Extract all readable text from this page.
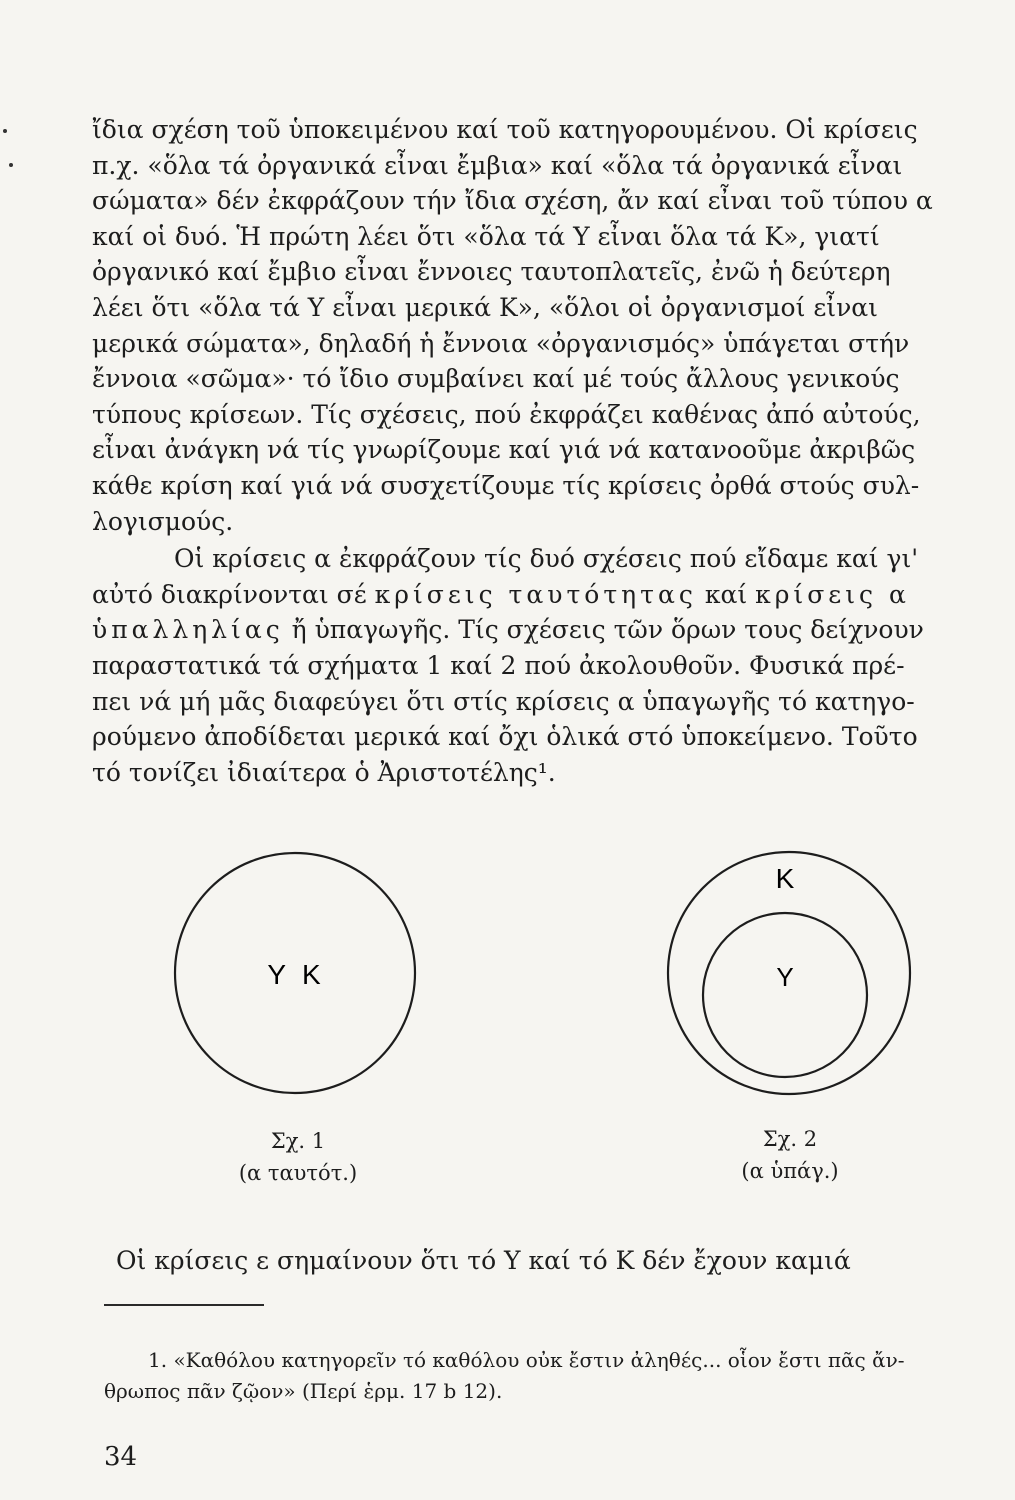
ἴδια σχέση τοῦ ὑποκειμένου καί τοῦ κατηγορουμένου. Οἱ κρίσεις
π.χ. «ὅλα τά ὀργανικά εἶναι ἔμβια» καί «ὅλα τά ὀργανικά εἶναι
σώματα» δέν ἐκφράζουν τήν ἴδια σχέση, ἄν καί εἶναι τοῦ τύπου α
καί οἱ δυό. Ἡ πρώτη λέει ὅτι «ὅλα τά Υ εἶναι ὅλα τά Κ», γιατί
ὀργανικό καί ἔμβιο εἶναι ἔννοιες ταυτοπλατεῖς, ἐνῶ ἡ δεύτερη
λέει ὅτι «ὅλα τά Υ εἶναι μερικά Κ», «ὅλοι οἱ ὀργανισμοί εἶναι
μερικά σώματα», δηλαδή ἡ ἔννοια «ὀργανισμός» ὑπάγεται στήν
ἔννοια «σῶμα»· τό ἴδιο συμβαίνει καί μέ τούς ἄλλους γενικούς
τύπους κρίσεων. Τίς σχέσεις, πού ἐκφράζει καθένας ἀπό αὐτούς,
εἶναι ἀνάγκη νά τίς γνωρίζουμε καί γιά νά κατανοοῦμε ἀκριβῶς
κάθε κρίση καί γιά νά συσχετίζουμε τίς κρίσεις ὀρθά στούς συλ-
λογισμούς.

Οἱ κρίσεις α ἐκφράζουν τίς δυό σχέσεις πού εἴδαμε καί γι'
αὐτό διακρίνονται σέ κρίσεις ταυτότητας καί κρίσεις α
ὑπαλληλίας ἤ ὑπαγωγῆς. Τίς σχέσεις τῶν ὅρων τους δείχνουν
παραστατικά τά σχήματα 1 καί 2 πού ἀκολουθοῦν. Φυσικά πρέ-
πει νά μή μᾶς διαφεύγει ὅτι στίς κρίσεις α ὑπαγωγῆς τό κατηγο-
ρούμενο ἀποδίδεται μερικά καί ὄχι ὁλικά στό ὑποκείμενο. Τοῦτο
τό τονίζει ἰδιαίτερα ὁ Ἀριστοτέλης¹.

Υ Κ
Κ
Υ
Σχ. 1
(α ταυτότ.)
Σχ. 2
(α ὑπάγ.)
Οἱ κρίσεις ε σημαίνουν ὅτι τό Υ καί τό Κ δέν ἔχουν καμιά
1. «Καθόλου κατηγορεῖν τό καθόλου οὐκ ἔστιν ἀληθές... οἷον ἔστι πᾶς ἄν-
θρωπος πᾶν ζῷον» (Περί ἑρμ. 17 b 12).
34
